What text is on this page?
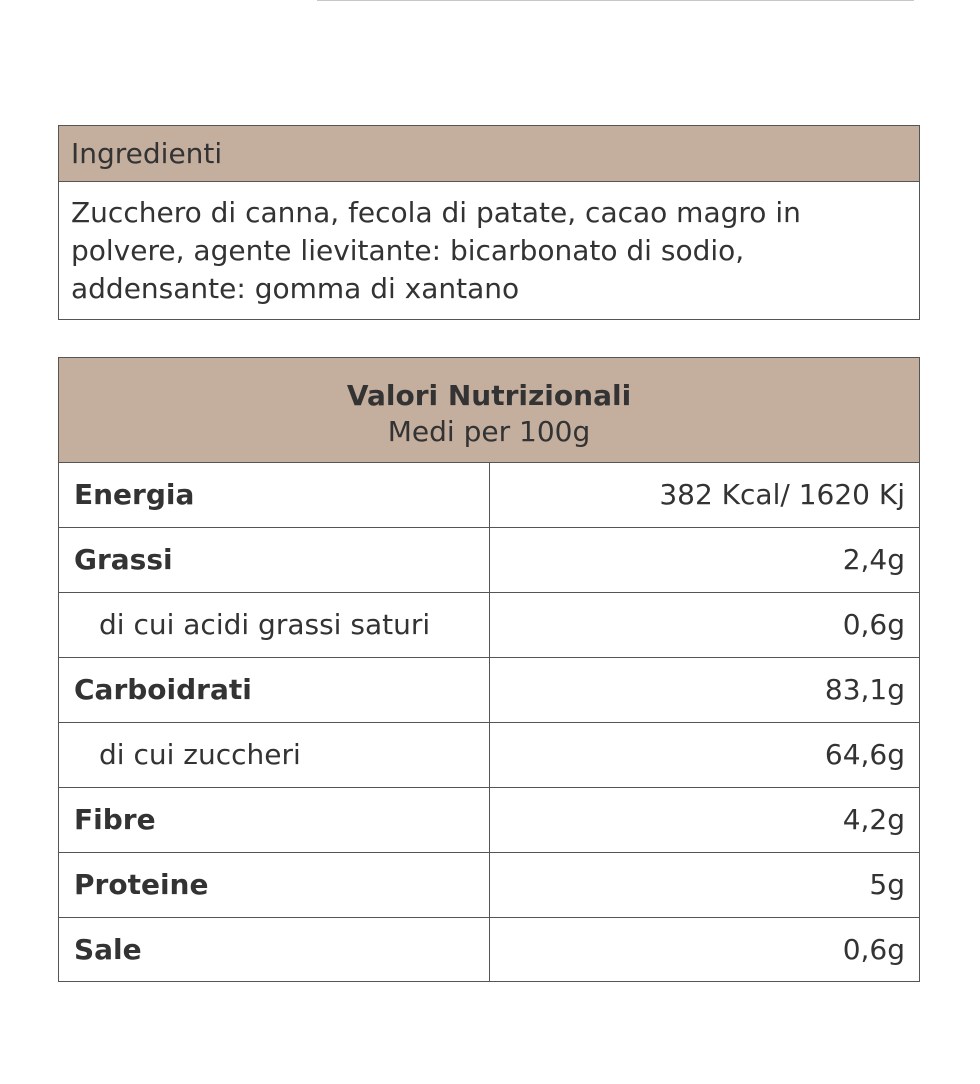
Ingredienti
Zucchero di canna, fecola di patate, cacao magro in polvere, agente lievitante: bicarbonato di sodio, addensante: gomma di xantano
Valori Nutrizionali
Medi per 100g
Energia	382 Kcal/ 1620 Kj
Grassi	2,4g
di cui acidi grassi saturi	0,6g
Carboidrati	83,1g
di cui zuccheri	64,6g
Fibre	4,2g
Proteine	5g
Sale	0,6g
